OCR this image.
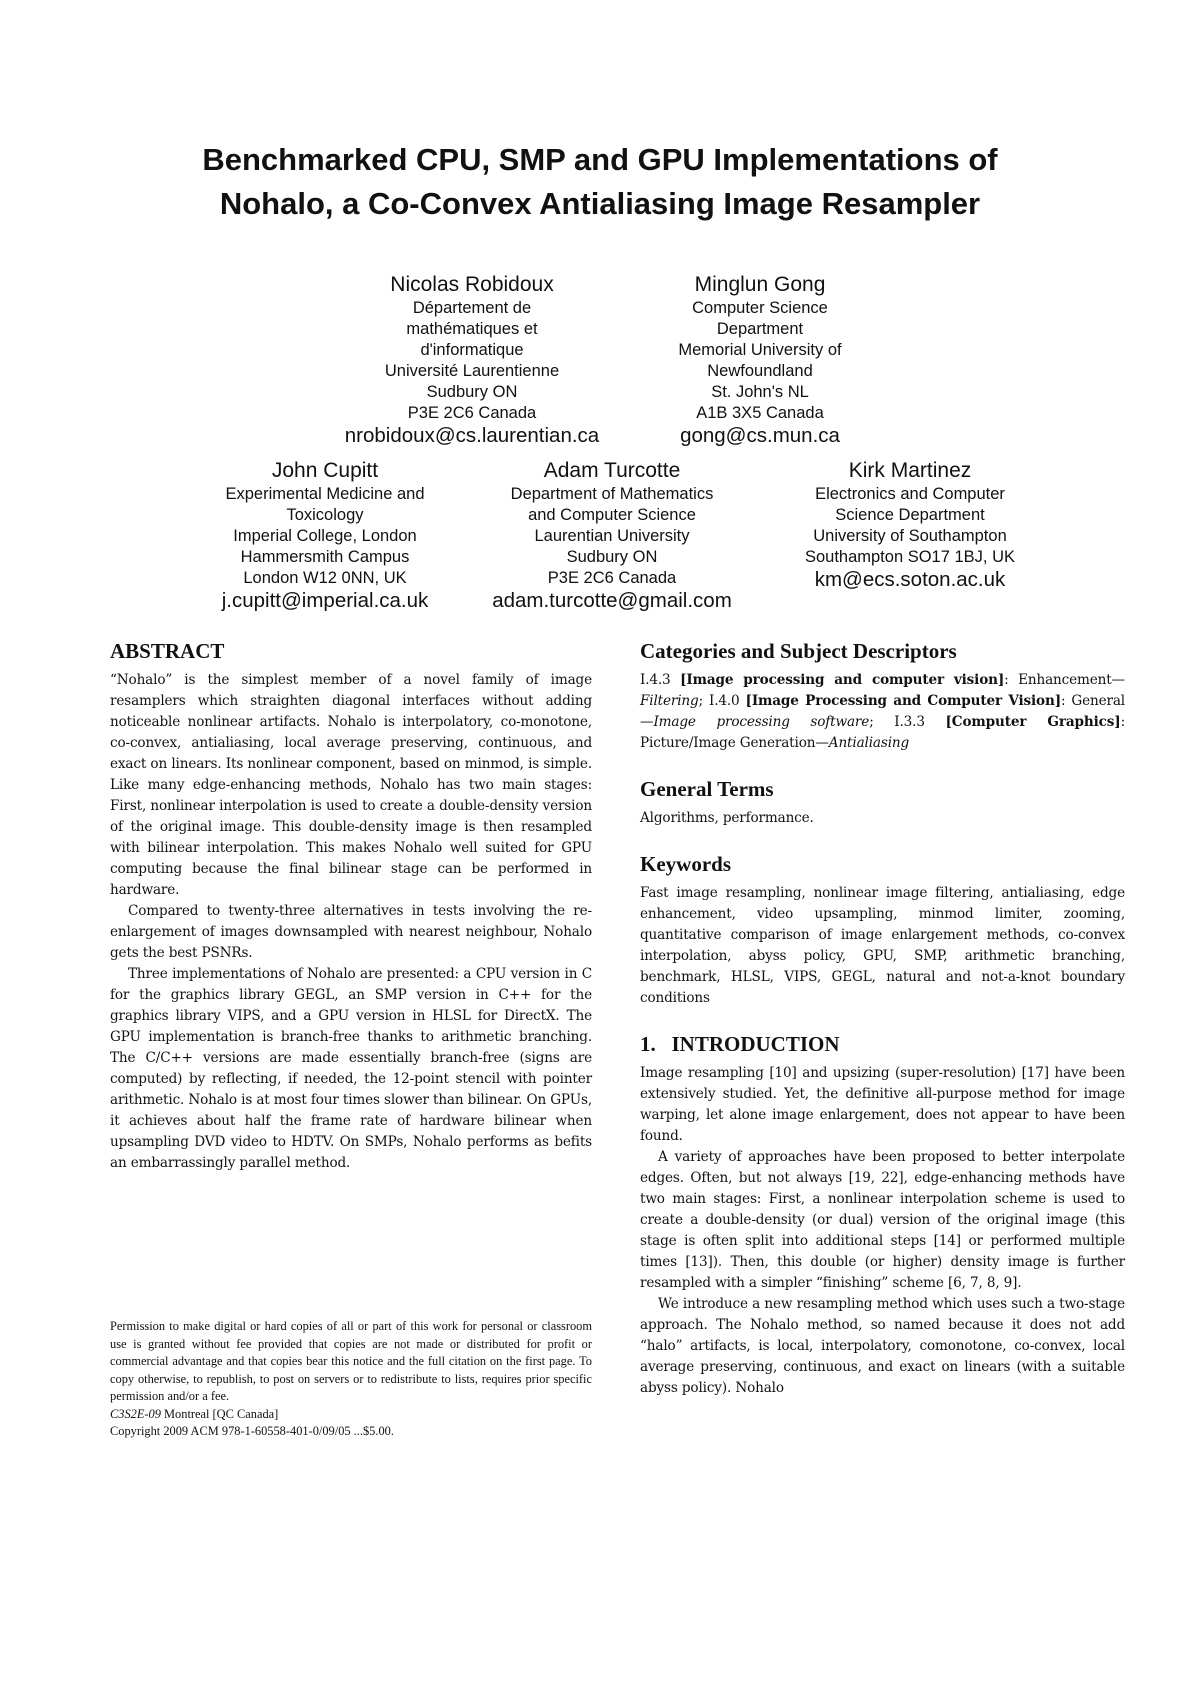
Benchmarked CPU, SMP and GPU Implementations of
Nohalo, a Co-Convex Antialiasing Image Resampler
Nicolas Robidoux
Département de
mathématiques et
d'informatique
Université Laurentienne
Sudbury ON
P3E 2C6 Canada
nrobidoux@cs.laurentian.ca
Minglun Gong
Computer Science
Department
Memorial University of
Newfoundland
St. John's NL
A1B 3X5 Canada
gong@cs.mun.ca
John Cupitt
Experimental Medicine and
Toxicology
Imperial College, London
Hammersmith Campus
London W12 0NN, UK
j.cupitt@imperial.ca.uk
Adam Turcotte
Department of Mathematics
and Computer Science
Laurentian University
Sudbury ON
P3E 2C6 Canada
adam.turcotte@gmail.com
Kirk Martinez
Electronics and Computer
Science Department
University of Southampton
Southampton SO17 1BJ, UK
km@ecs.soton.ac.uk
ABSTRACT

“Nohalo” is the simplest member of a novel family of image resamplers which straighten diagonal interfaces without adding noticeable nonlinear artifacts. Nohalo is interpolatory, co-monotone, co-convex, antialiasing, local average preserving, continuous, and exact on linears. Its nonlinear component, based on minmod, is simple. Like many edge-enhancing methods, Nohalo has two main stages: First, nonlinear interpolation is used to create a double-density version of the original image. This double-density image is then resampled with bilinear interpolation. This makes Nohalo well suited for GPU computing because the final bilinear stage can be performed in hardware.

Compared to twenty-three alternatives in tests involving the re-enlargement of images downsampled with nearest neighbour, Nohalo gets the best PSNRs.

Three implementations of Nohalo are presented: a CPU version in C for the graphics library GEGL, an SMP version in C++ for the graphics library VIPS, and a GPU version in HLSL for DirectX. The GPU implementation is branch-free thanks to arithmetic branching. The C/C++ versions are made essentially branch-free (signs are computed) by reflecting, if needed, the 12-point stencil with pointer arithmetic. Nohalo is at most four times slower than bilinear. On GPUs, it achieves about half the frame rate of hardware bilinear when upsampling DVD video to HDTV. On SMPs, Nohalo performs as befits an embarrassingly parallel method.

Permission to make digital or hard copies of all or part of this work for personal or classroom use is granted without fee provided that copies are not made or distributed for profit or commercial advantage and that copies bear this notice and the full citation on the first page. To copy otherwise, to republish, to post on servers or to redistribute to lists, requires prior specific permission and/or a fee.

C3S2E-09 Montreal [QC Canada]

Copyright 2009 ACM 978-1-60558-401-0/09/05 ...$5.00.

Categories and Subject Descriptors

I.4.3 [Image processing and computer vision]: Enhancement—Filtering; I.4.0 [Image Processing and Computer Vision]: General—Image processing software; I.3.3 [Computer Graphics]: Picture/Image Generation—Antialiasing

General Terms

Algorithms, performance.

Keywords

Fast image resampling, nonlinear image filtering, antialiasing, edge enhancement, video upsampling, minmod limiter, zooming, quantitative comparison of image enlargement methods, co-convex interpolation, abyss policy, GPU, SMP, arithmetic branching, benchmark, HLSL, VIPS, GEGL, natural and not-a-knot boundary conditions

1.   INTRODUCTION

Image resampling [10] and upsizing (super-resolution) [17] have been extensively studied. Yet, the definitive all-purpose method for image warping, let alone image enlargement, does not appear to have been found.

A variety of approaches have been proposed to better interpolate edges. Often, but not always [19, 22], edge-enhancing methods have two main stages: First, a nonlinear interpolation scheme is used to create a double-density (or dual) version of the original image (this stage is often split into additional steps [14] or performed multiple times [13]). Then, this double (or higher) density image is further resampled with a simpler “finishing” scheme [6, 7, 8, 9].

We introduce a new resampling method which uses such a two-stage approach. The Nohalo method, so named because it does not add “halo” artifacts, is local, interpolatory, comonotone, co-convex, local average preserving, continuous, and exact on linears (with a suitable abyss policy). Nohalo
